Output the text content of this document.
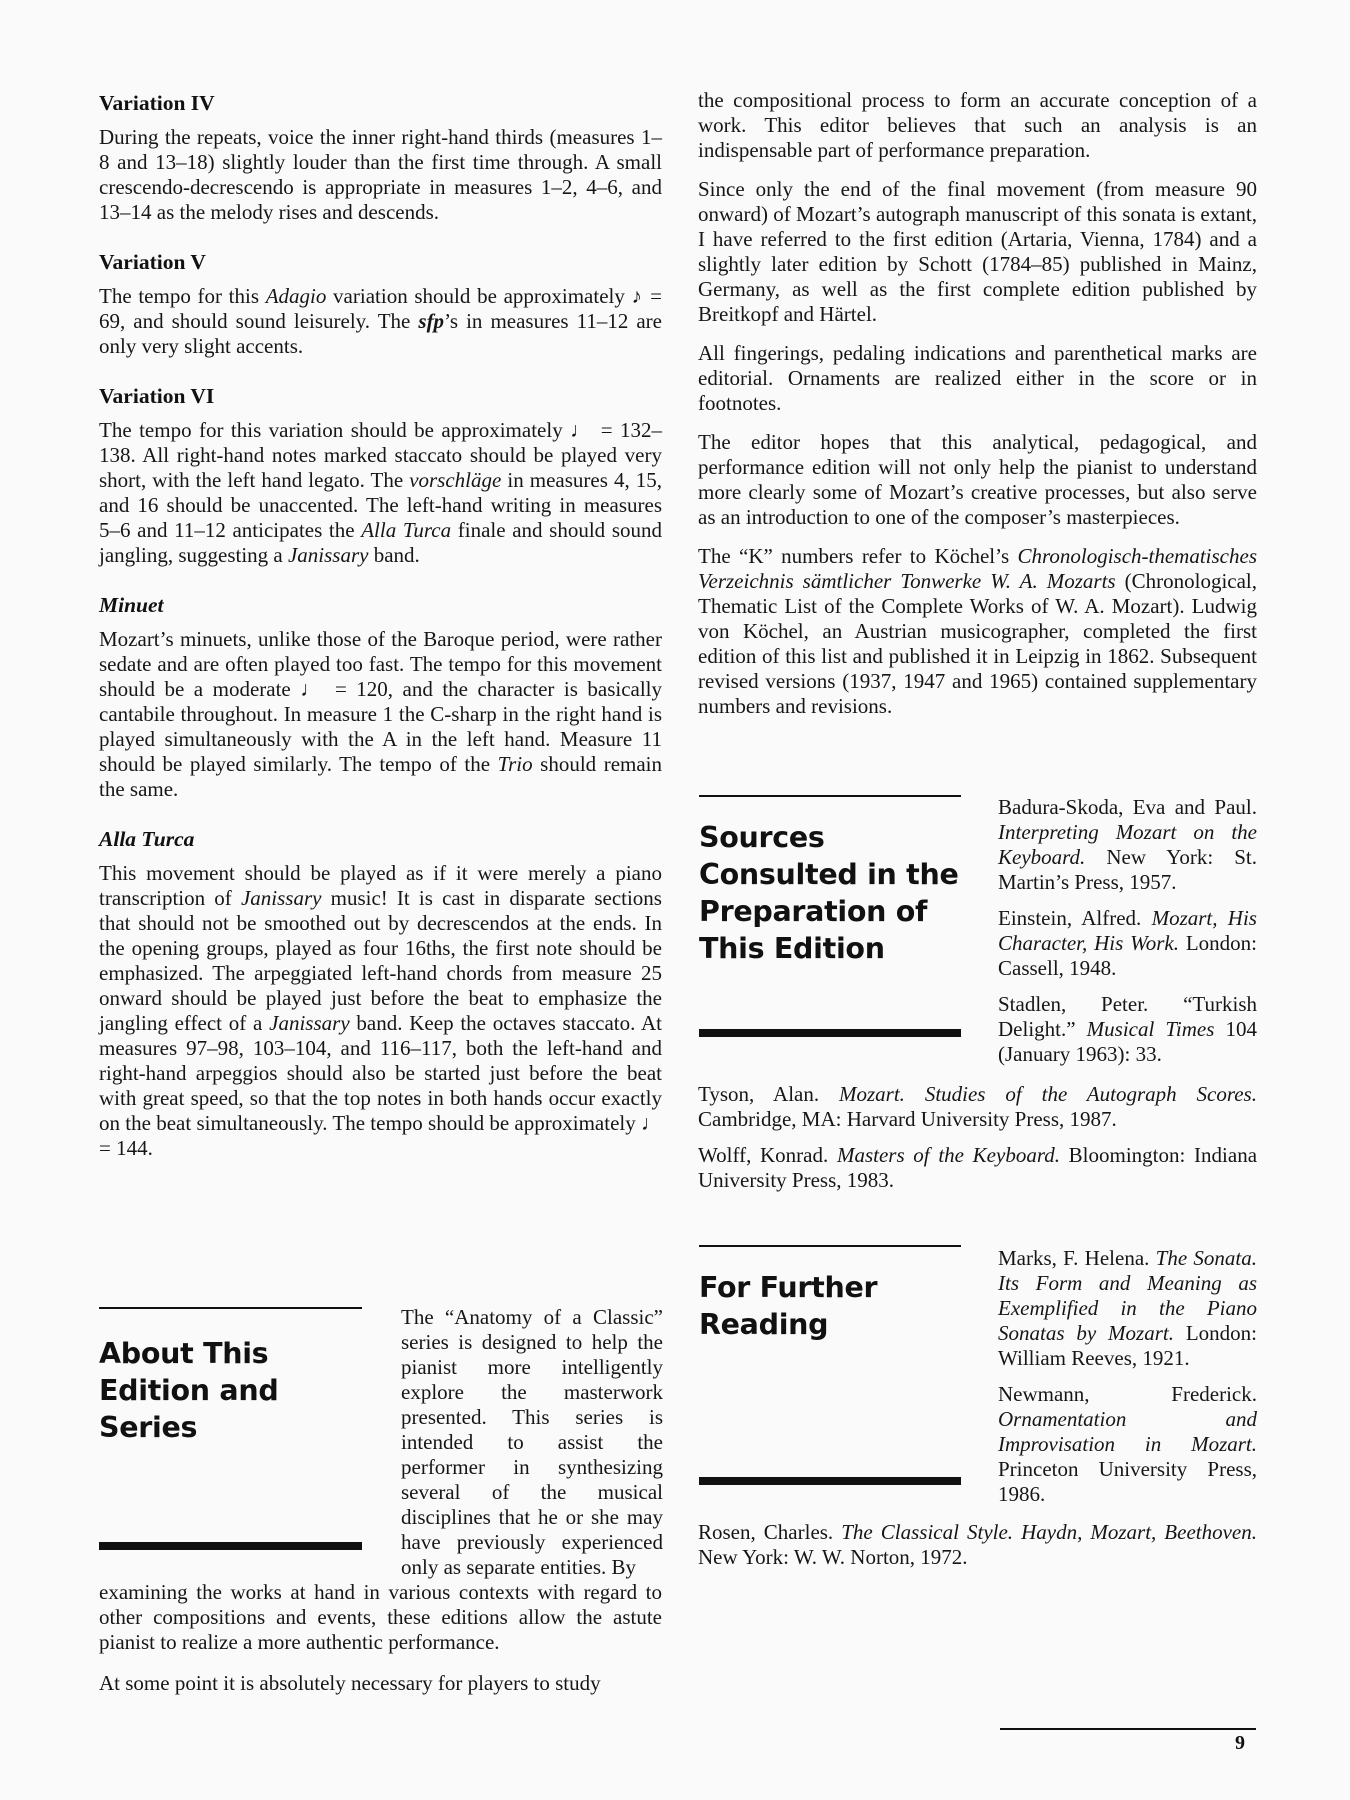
Variation IV

During the repeats, voice the inner right-hand thirds (measures 1–8 and 13–18) slightly louder than the first time through. A small crescendo-decrescendo is appropriate in measures 1–2, 4–6, and 13–14 as the melody rises and descends.

Variation V

The tempo for this Adagio variation should be approximately ♪ = 69, and should sound leisurely. The sfp’s in measures 11–12 are only very slight accents.

Variation VI

The tempo for this variation should be approximately ♩ = 132–138. All right-hand notes marked staccato should be played very short, with the left hand legato. The vorschläge in measures 4, 15, and 16 should be unaccented. The left-hand writing in measures 5–6 and 11–12 anticipates the Alla Turca finale and should sound jangling, suggesting a Janissary band.

Minuet

Mozart’s minuets, unlike those of the Baroque period, were rather sedate and are often played too fast. The tempo for this movement should be a moderate ♩ = 120, and the character is basically cantabile throughout. In measure 1 the C-sharp in the right hand is played simultaneously with the A in the left hand. Measure 11 should be played similarly. The tempo of the Trio should remain the same.

Alla Turca

This movement should be played as if it were merely a piano transcription of Janissary music! It is cast in disparate sections that should not be smoothed out by decrescendos at the ends. In the opening groups, played as four 16ths, the first note should be emphasized. The arpeggiated left-hand chords from measure 25 onward should be played just before the beat to emphasize the jangling effect of a Janissary band. Keep the octaves staccato. At measures 97–98, 103–104, and 116–117, both the left-hand and right-hand arpeggios should also be started just before the beat with great speed, so that the top notes in both hands occur exactly on the beat simultaneously. The tempo should be approximately ♩ = 144.

About This Edition and Series

The “Anatomy of a Classic” series is designed to help the pianist more intelligently explore the masterwork presented. This series is intended to assist the performer in synthesizing several of the musical disciplines that he or she may have previously experienced only as separate entities. By

examining the works at hand in various contexts with regard to other compositions and events, these editions allow the astute pianist to realize a more authentic performance.

At some point it is absolutely necessary for players to study

the compositional process to form an accurate conception of a work. This editor believes that such an analysis is an indispensable part of performance preparation.

Since only the end of the final movement (from measure 90 onward) of Mozart’s autograph manuscript of this sonata is extant, I have referred to the first edition (Artaria, Vienna, 1784) and a slightly later edition by Schott (1784–85) published in Mainz, Germany, as well as the first complete edition published by Breitkopf and Härtel.

All fingerings, pedaling indications and parenthetical marks are editorial. Ornaments are realized either in the score or in footnotes.

The editor hopes that this analytical, pedagogical, and performance edition will not only help the pianist to understand more clearly some of Mozart’s creative processes, but also serve as an introduction to one of the composer’s masterpieces.

The “K” numbers refer to Köchel’s Chronologisch-thematisches Verzeichnis sämtlicher Tonwerke W. A. Mozarts (Chronological, Thematic List of the Complete Works of W. A. Mozart). Ludwig von Köchel, an Austrian musicographer, completed the first edition of this list and published it in Leipzig in 1862. Subsequent revised versions (1937, 1947 and 1965) contained supplementary numbers and revisions.

Sources Consulted in the Preparation of This Edition

Badura-Skoda, Eva and Paul. Interpreting Mozart on the Keyboard. New York: St. Martin’s Press, 1957.

Einstein, Alfred. Mozart, His Character, His Work. London: Cassell, 1948.

Stadlen, Peter. “Turkish Delight.” Musical Times 104 (January 1963): 33.

Tyson, Alan. Mozart. Studies of the Autograph Scores. Cambridge, MA: Harvard University Press, 1987.

Wolff, Konrad. Masters of the Keyboard. Bloomington: Indiana University Press, 1983.

For Further Reading

Marks, F. Helena. The Sonata. Its Form and Meaning as Exemplified in the Piano Sonatas by Mozart. London: William Reeves, 1921.

Newmann, Frederick. Ornamentation and Improvisation in Mozart. Princeton University Press, 1986.

Rosen, Charles. The Classical Style. Haydn, Mozart, Beethoven. New York: W. W. Norton, 1972.

9
